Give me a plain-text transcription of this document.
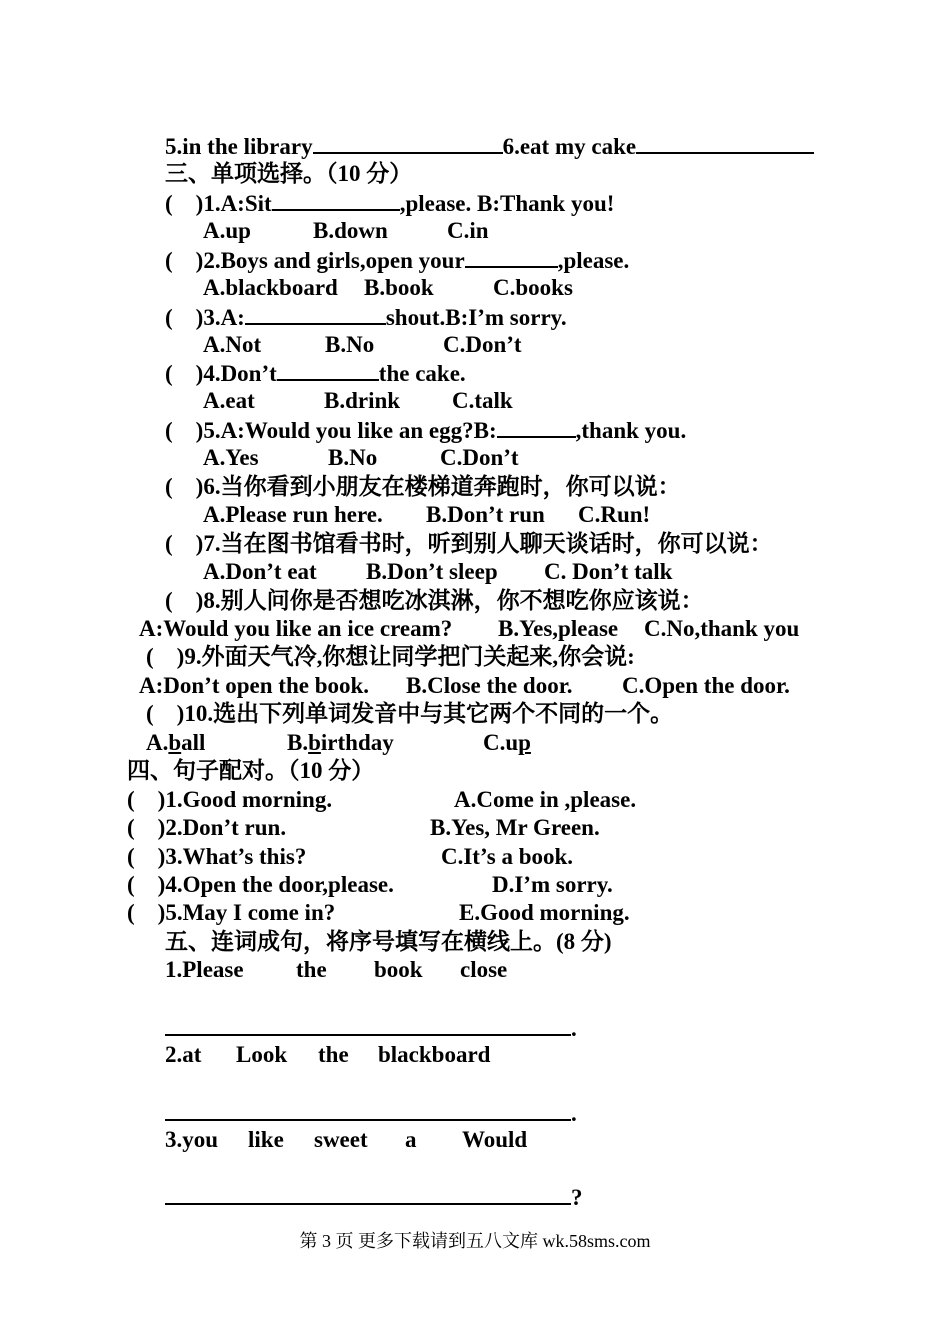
5.in the library	6.eat my cake
三、单项选择。（10 分）
(    )1.A:Sit	,please. B:Thank you!
A.up	B.down	C.in
(    )2.Boys and girls,open your	,please.
A.blackboard B.book	C.books
(    )3.A:	shout.B:I’m sorry.
A.Not	B.No	C.Don’t
(    )4.Don’t	the cake.
A.eat	B.drink C.talk
(    )5.A:Would you like an egg?B:	,thank you.
A.Yes	B.No	C.Don’t
(    )6.当你看到小朋友在楼梯道奔跑时，你可以说：
A.Please run here. B.Don’t run C.Run!
(    )7.当在图书馆看书时，听到别人聊天谈话时，你可以说：
A.Don’t eat B.Don’t sleep C. Don’t talk
(    )8.别人问你是否想吃冰淇淋，你不想吃你应该说：
A:Would you like an ice cream? B.Yes,please C.No,thank you
(    )9.外面天气冷,你想让同学把门关起来,你会说:
A:Don’t open the book. B.Close the door. C.Open the door.
(    )10.选出下列单词发音中与其它两个不同的一个。
A.ball	B.birthday	C.up
四、句子配对。（10 分）
(    )1.Good morning.	A.Come in ,please.
(    )2.Don’t run.	B.Yes, Mr Green.
(    )3.What’s this?	C.It’s a book.
(    )4.Open the door,please.	D.I’m sorry.
(    )5.May I come in?	E.Good morning.
五、连词成句，将序号填写在横线上。(8 分)
1.Please the book close
.
2.at Look the blackboard
.
3.you like sweet a Would
?
第 3 页 更多下载请到五八文库 wk.58sms.com
